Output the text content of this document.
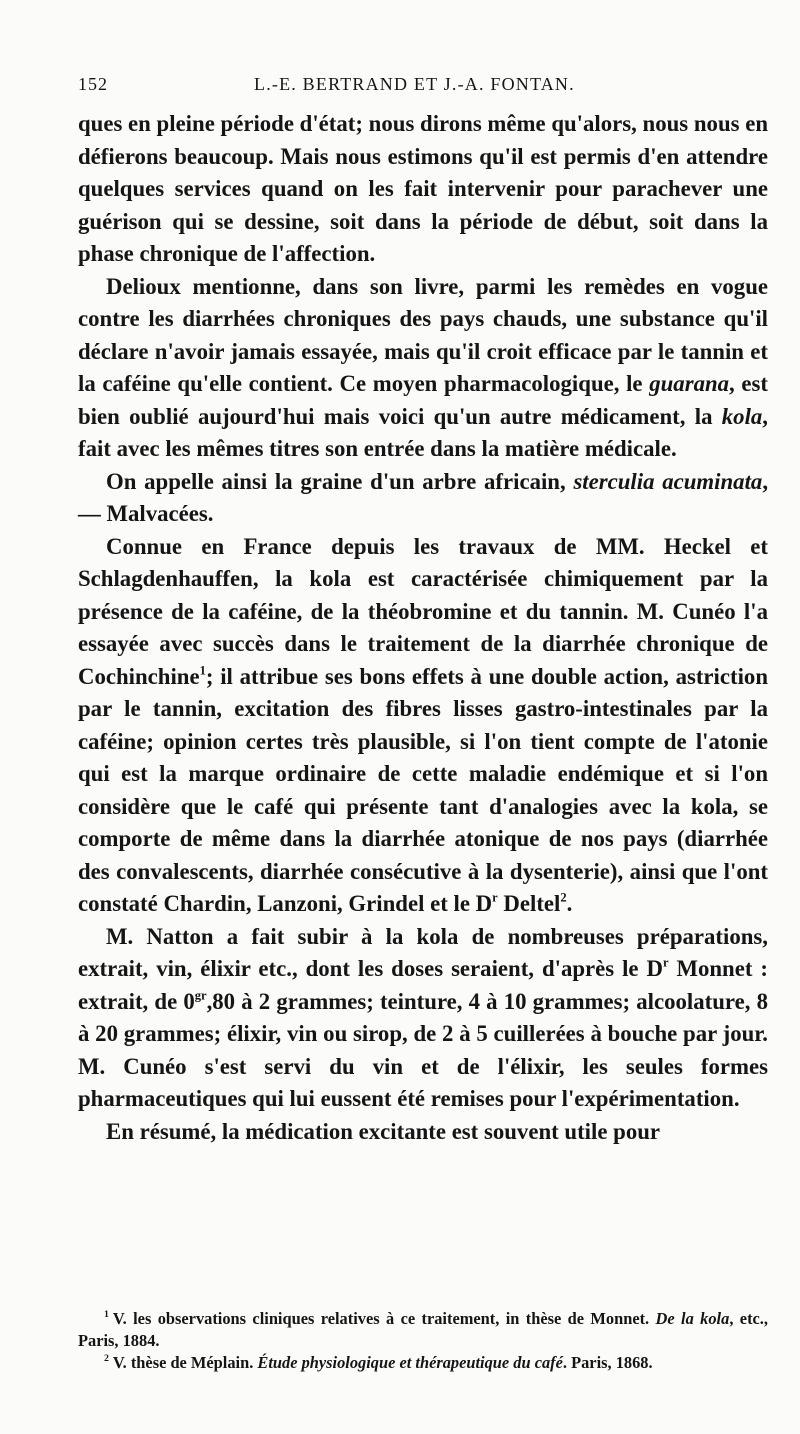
152	L.-E. BERTRAND ET J.-A. FONTAN.

ques en pleine période d'état; nous dirons même qu'alors, nous nous en défierons beaucoup. Mais nous estimons qu'il est permis d'en attendre quelques services quand on les fait intervenir pour parachever une guérison qui se dessine, soit dans la période de début, soit dans la phase chronique de l'affection.

Delioux mentionne, dans son livre, parmi les remèdes en vogue contre les diarrhées chroniques des pays chauds, une substance qu'il déclare n'avoir jamais essayée, mais qu'il croit efficace par le tannin et la caféine qu'elle contient. Ce moyen pharmacologique, le guarana, est bien oublié aujourd'hui mais voici qu'un autre médicament, la kola, fait avec les mêmes titres son entrée dans la matière médicale.

On appelle ainsi la graine d'un arbre africain, sterculia acuminata, — Malvacées.

Connue en France depuis les travaux de MM. Heckel et Schlagdenhauffen, la kola est caractérisée chimiquement par la présence de la caféine, de la théobromine et du tannin. M. Cunéo l'a essayée avec succès dans le traitement de la diarrhée chronique de Cochinchine$^1$; il attribue ses bons effets à une double action, astriction par le tannin, excitation des fibres lisses gastro-intestinales par la caféine; opinion certes très plausible, si l'on tient compte de l'atonie qui est la marque ordinaire de cette maladie endémique et si l'on considère que le café qui présente tant d'analogies avec la kola, se comporte de même dans la diarrhée atonique de nos pays (diarrhée des convalescents, diarrhée consécutive à la dysenterie), ainsi que l'ont constaté Chardin, Lanzoni, Grindel et le $D^r$ Deltel$^2$.

M. Natton a fait subir à la kola de nombreuses préparations, extrait, vin, élixir etc., dont les doses seraient, d'après le $D^r$ Monnet : extrait, de $0^{gr},80$ à 2 grammes; teinture, 4 à 10 grammes; alcoolature, 8 à 20 grammes; élixir, vin ou sirop, de 2 à 5 cuillerées à bouche par jour. M. Cunéo s'est servi du vin et de l'élixir, les seules formes pharmaceutiques qui lui eussent été remises pour l'expérimentation.

En résumé, la médication excitante est souvent utile pour

$^1$ V. les observations cliniques relatives à ce traitement, in thèse de Monnet. De la kola, etc., Paris, 1884.

$^2$ V. thèse de Méplain. Étude physiologique et thérapeutique du café. Paris, 1868.
